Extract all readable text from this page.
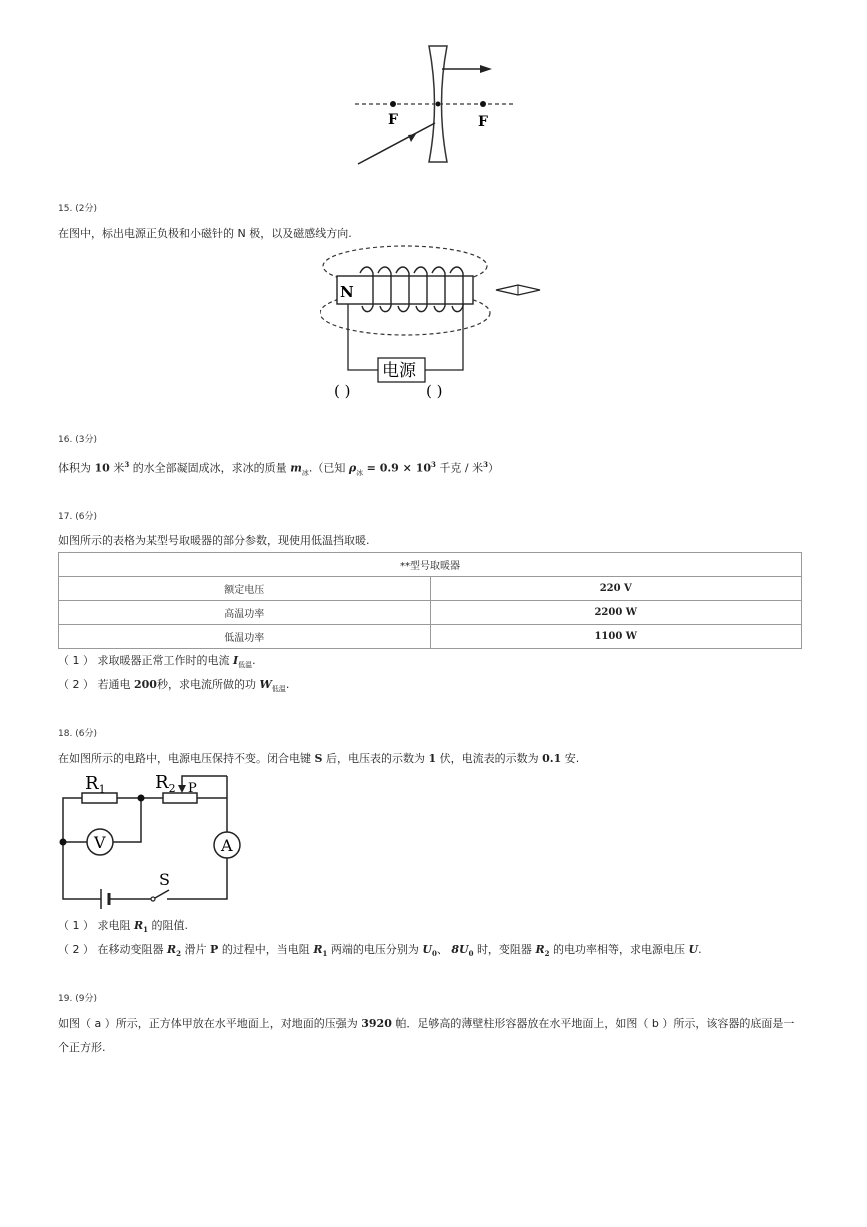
F	F
15. (2分)
在图中，标出电源正负极和小磁针的 N 极，以及磁感线方向.
N
电源
( )	( )
16. (3分)
体积为 10 米$^3$ 的水全部凝固成冰，求冰的质量 $m_冰$.（已知 $\rho_冰 = 0.9 \times 10^3$ 千克 / 米$^3$）
17. (6分)
如图所示的表格为某型号取暖器的部分参数，现使用低温挡取暖.
**型号取暖器	
额定电压	220 V
高温功率	2200 W
低温功率	1100 W
（ 1 ） 求取暖器正常工作时的电流 $I_{低温}$.
（ 2 ） 若通电 200秒，求电流所做的功 $W_{低温}$.
18. (6分)
在如图所示的电路中，电源电压保持不变。闭合电键 S 后，电压表的示数为 1 伏，电流表的示数为 0.1 安.
$R_1$	$R_2$ P
V	A
S
（ 1 ） 求电阻 $R_1$ 的阻值.
（ 2 ） 在移动变阻器 $R_2$ 滑片 P 的过程中，当电阻 $R_1$ 两端的电压分别为 $U_0$、 $8U_0$ 时，变阻器 $R_2$ 的电功率相等，求电源电压 U.
19. (9分)
如图（ a ）所示，正方体甲放在水平地面上，对地面的压强为 3920 帕．足够高的薄壁柱形容器放在水平地面上，如图（ b ）所示，该容器的底面是一
个正方形.
